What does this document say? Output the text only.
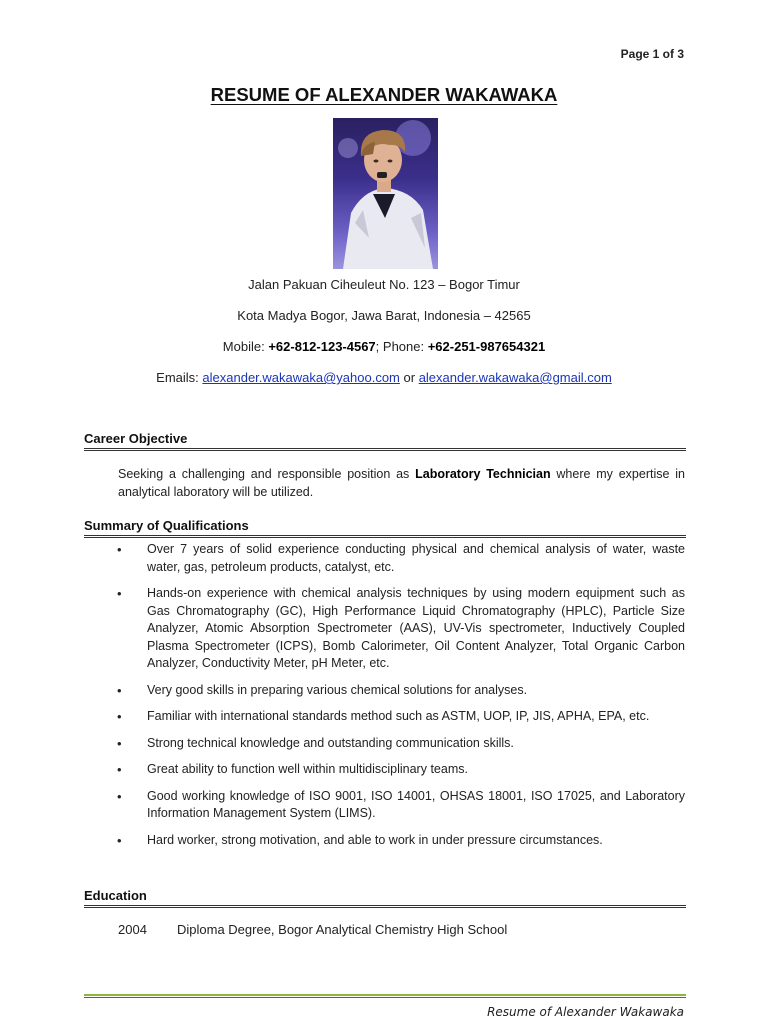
Page 1 of 3
RESUME OF ALEXANDER WAKAWAKA
Jalan Pakuan Ciheuleut No. 123 – Bogor Timur
Kota Madya Bogor, Jawa Barat, Indonesia – 42565
Mobile: +62-812-123-4567; Phone: +62-251-987654321
Emails: alexander.wakawaka@yahoo.com or alexander.wakawaka@gmail.com
Career Objective
Seeking a challenging and responsible position as Laboratory Technician where my expertise in analytical laboratory will be utilized.
Summary of Qualifications
• Over 7 years of solid experience conducting physical and chemical analysis of water, waste water, gas, petroleum products, catalyst, etc.
• Hands-on experience with chemical analysis techniques by using modern equipment such as Gas Chromatography (GC), High Performance Liquid Chromatography (HPLC), Particle Size Analyzer, Atomic Absorption Spectrometer (AAS), UV-Vis spectrometer, Inductively Coupled Plasma Spectrometer (ICPS), Bomb Calorimeter, Oil Content Analyzer, Total Organic Carbon Analyzer, Conductivity Meter, pH Meter, etc.
• Very good skills in preparing various chemical solutions for analyses.
• Familiar with international standards method such as ASTM, UOP, IP, JIS, APHA, EPA, etc.
• Strong technical knowledge and outstanding communication skills.
• Great ability to function well within multidisciplinary teams.
• Good working knowledge of ISO 9001, ISO 14001, OHSAS 18001, ISO 17025, and Laboratory Information Management System (LIMS).
• Hard worker, strong motivation, and able to work in under pressure circumstances.
Education
2004 Diploma Degree, Bogor Analytical Chemistry High School
Resume of Alexander Wakawaka
